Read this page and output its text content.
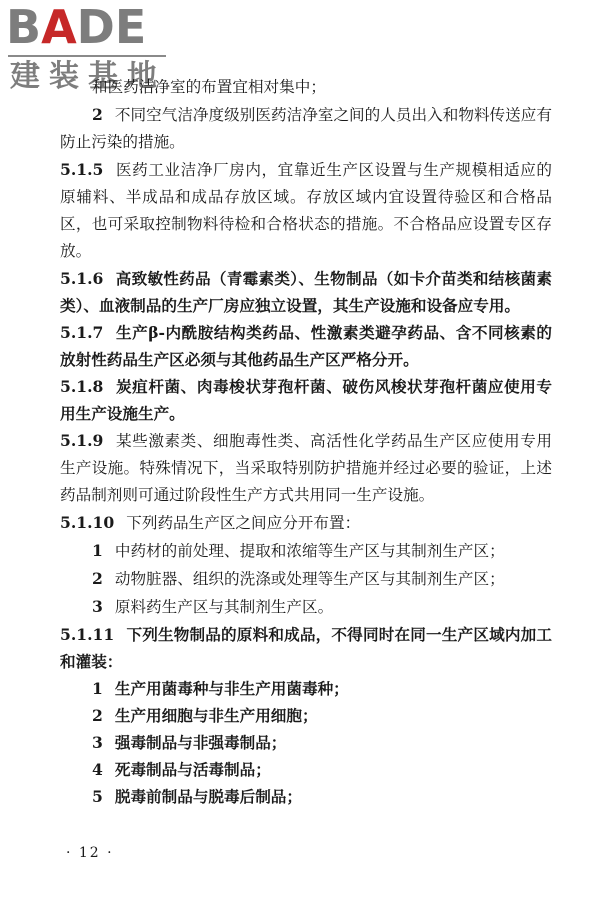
BADE
建装基地

和医药洁净室的布置宜相对集中；

2 不同空气洁净度级别医药洁净室之间的人员出入和物料传送应有防止污染的措施。

5.1.5 医药工业洁净厂房内，宜靠近生产区设置与生产规模相适应的原辅料、半成品和成品存放区域。存放区域内宜设置待验区和合格品区，也可采取控制物料待检和合格状态的措施。不合格品应设置专区存放。

5.1.6 高致敏性药品（青霉素类）、生物制品（如卡介苗类和结核菌素类）、血液制品的生产厂房应独立设置，其生产设施和设备应专用。

5.1.7 生产β-内酰胺结构类药品、性激素类避孕药品、含不同核素的放射性药品生产区必须与其他药品生产区严格分开。

5.1.8 炭疽杆菌、肉毒梭状芽孢杆菌、破伤风梭状芽孢杆菌应使用专用生产设施生产。

5.1.9 某些激素类、细胞毒性类、高活性化学药品生产区应使用专用生产设施。特殊情况下，当采取特别防护措施并经过必要的验证，上述药品制剂则可通过阶段性生产方式共用同一生产设施。

5.1.10 下列药品生产区之间应分开布置：

1 中药材的前处理、提取和浓缩等生产区与其制剂生产区；

2 动物脏器、组织的洗涤或处理等生产区与其制剂生产区；

3 原料药生产区与其制剂生产区。

5.1.11 下列生物制品的原料和成品，不得同时在同一生产区域内加工和灌装：

1 生产用菌毒种与非生产用菌毒种；

2 生产用细胞与非生产用细胞；

3 强毒制品与非强毒制品；

4 死毒制品与活毒制品；

5 脱毒前制品与脱毒后制品；

· 12 ·
